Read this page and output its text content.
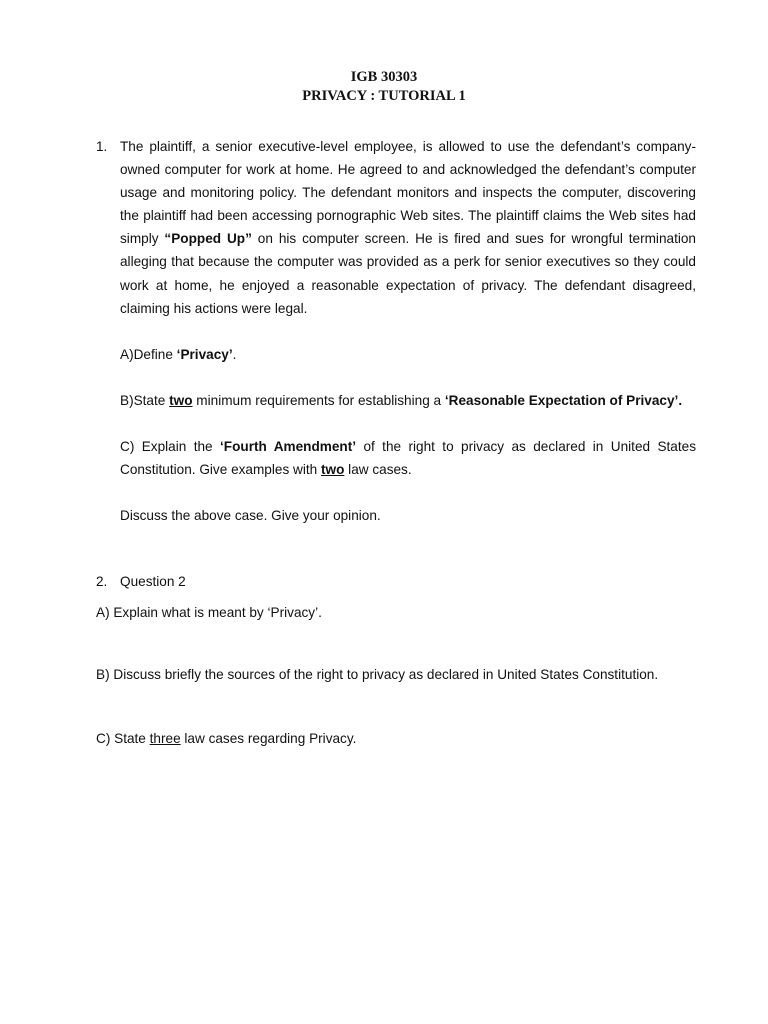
IGB 30303
PRIVACY : TUTORIAL 1
1. The plaintiff, a senior executive-level employee, is allowed to use the defendant’s company-owned computer for work at home. He agreed to and acknowledged the defendant’s computer usage and monitoring policy. The defendant monitors and inspects the computer, discovering the plaintiff had been accessing pornographic Web sites. The plaintiff claims the Web sites had simply “Popped Up” on his computer screen. He is fired and sues for wrongful termination alleging that because the computer was provided as a perk for senior executives so they could work at home, he enjoyed a reasonable expectation of privacy. The defendant disagreed, claiming his actions were legal.

A)Define ‘Privacy’.

B)State two minimum requirements for establishing a ‘Reasonable Expectation of Privacy’.

C) Explain the ‘Fourth Amendment’ of the right to privacy as declared in United States Constitution. Give examples with two law cases.

Discuss the above case. Give your opinion.

2. Question 2

A) Explain what is meant by ‘Privacy’.

B) Discuss briefly the sources of the right to privacy as declared in United States Constitution.

C) State three law cases regarding Privacy.
